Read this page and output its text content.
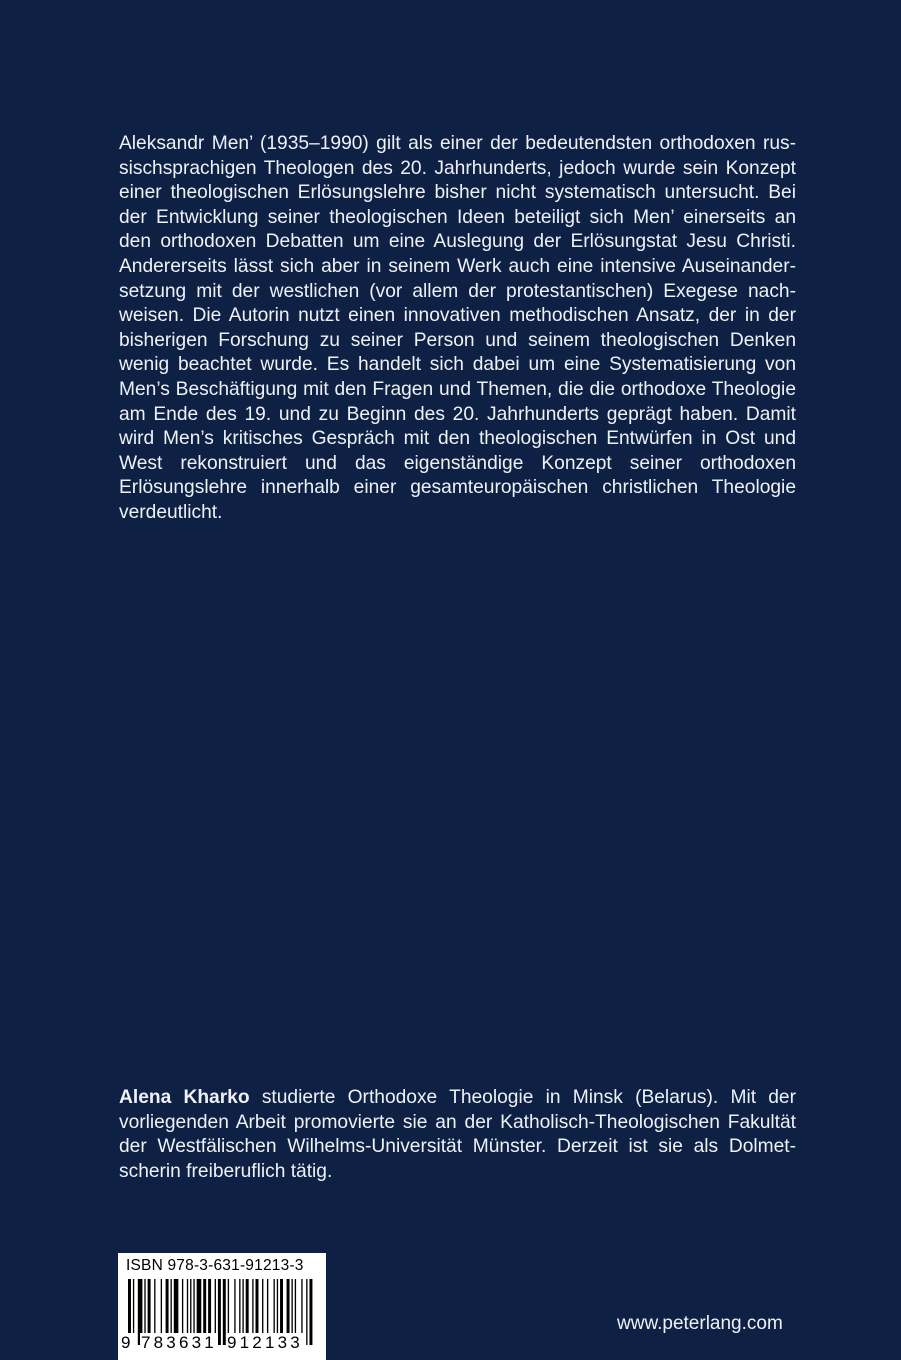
Aleksandr Men’ (1935–1990) gilt als einer der bedeutendsten orthodoxen russischsprachigen Theologen des 20. Jahrhunderts, jedoch wurde sein Konzept einer theologischen Erlösungslehre bisher nicht systematisch untersucht. Bei der Entwicklung seiner theologischen Ideen beteiligt sich Men’ einerseits an den orthodoxen Debatten um eine Auslegung der Erlösungstat Jesu Christi. Andererseits lässt sich aber in seinem Werk auch eine intensive Auseinandersetzung mit der westlichen (vor allem der protestantischen) Exegese nachweisen. Die Autorin nutzt einen innovativen methodischen Ansatz, der in der bisherigen Forschung zu seiner Person und seinem theologischen Denken wenig beachtet wurde. Es handelt sich dabei um eine Systematisierung von Men’s Beschäftigung mit den Fragen und Themen, die die orthodoxe Theologie am Ende des 19. und zu Beginn des 20. Jahrhunderts geprägt haben. Damit wird Men’s kritisches Gespräch mit den theologischen Entwürfen in Ost und West rekonstruiert und das eigenständige Konzept seiner orthodoxen Erlösungslehre innerhalb einer gesamteuropäischen christlichen Theologie verdeutlicht.

Alena Kharko studierte Orthodoxe Theologie in Minsk (Belarus). Mit der vorliegenden Arbeit promovierte sie an der Katholisch-Theologischen Fakultät der Westfälischen Wilhelms-Universität Münster. Derzeit ist sie als Dolmetscherin freiberuflich tätig.

ISBN 978-3-631-91213-3
9 783631 912133
www.peterlang.com
